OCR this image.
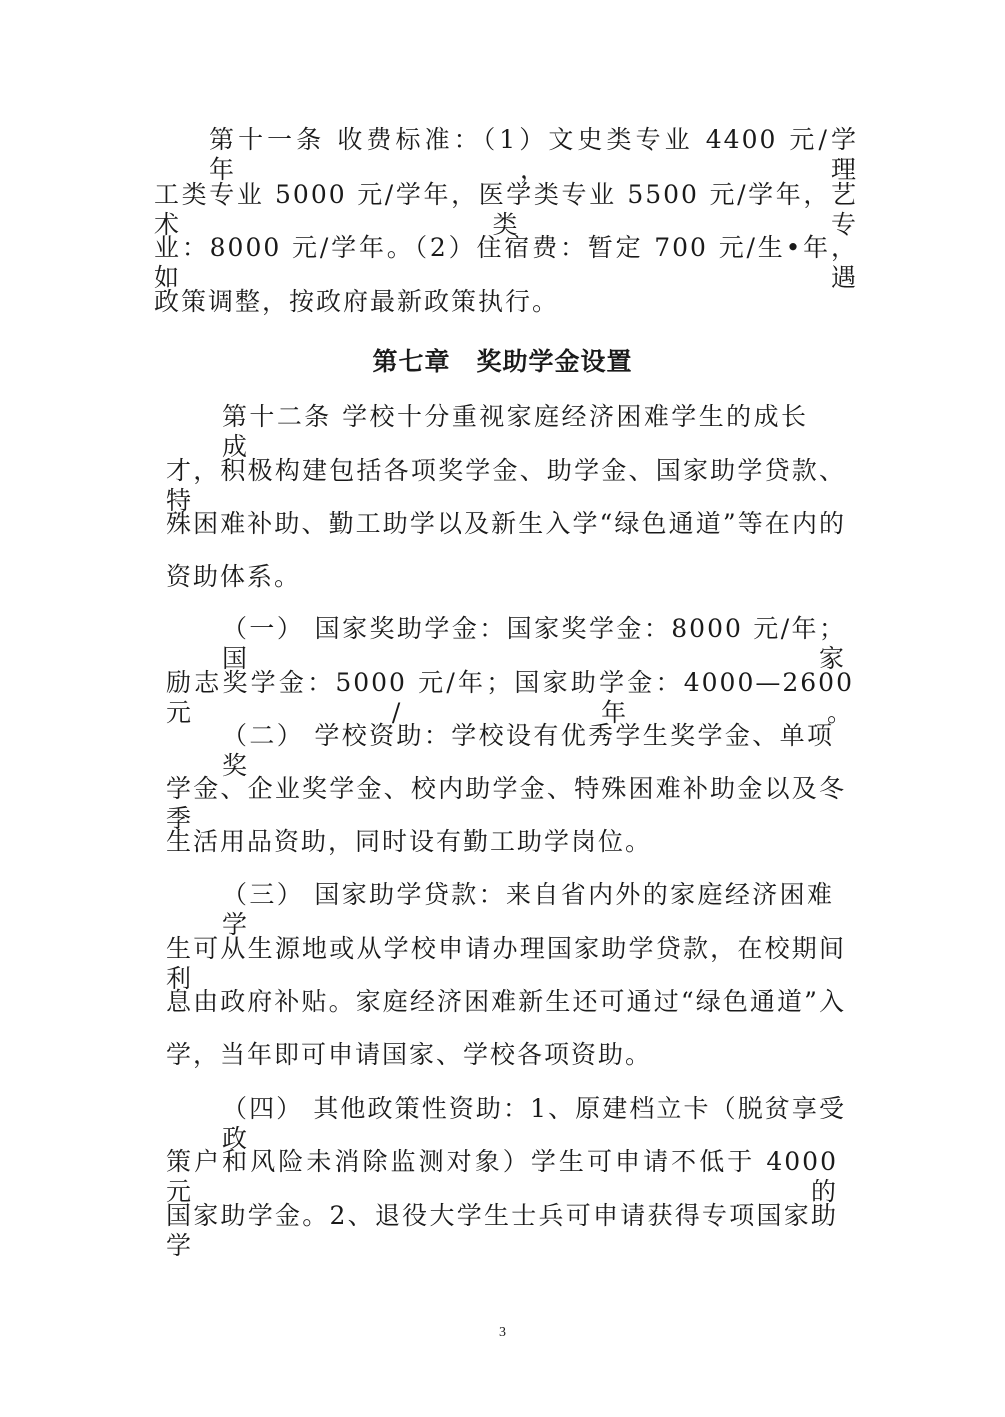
第十一条 收费标准：（1）文史类专业 4400 元/学年，理
工类专业 5000 元/学年，医学类专业 5500 元/学年，艺术类专
业：8000 元/学年。（2）住宿费：暂定 700 元/生•年，如遇
政策调整，按政府最新政策执行。
第七章　奖助学金设置
第十二条 学校十分重视家庭经济困难学生的成长成
才，积极构建包括各项奖学金、助学金、国家助学贷款、特
殊困难补助、勤工助学以及新生入学“绿色通道”等在内的
资助体系。
（一） 国家奖助学金：国家奖学金：8000 元/年；国家
励志奖学金：5000 元/年；国家助学金：4000—2600 元/年。
（二） 学校资助：学校设有优秀学生奖学金、单项奖
学金、企业奖学金、校内助学金、特殊困难补助金以及冬季
生活用品资助，同时设有勤工助学岗位。
（三） 国家助学贷款：来自省内外的家庭经济困难学
生可从生源地或从学校申请办理国家助学贷款，在校期间利
息由政府补贴。家庭经济困难新生还可通过“绿色通道”入
学，当年即可申请国家、学校各项资助。
（四） 其他政策性资助：1、原建档立卡（脱贫享受政
策户和风险未消除监测对象）学生可申请不低于 4000 元的
国家助学金。2、退役大学生士兵可申请获得专项国家助学
3
